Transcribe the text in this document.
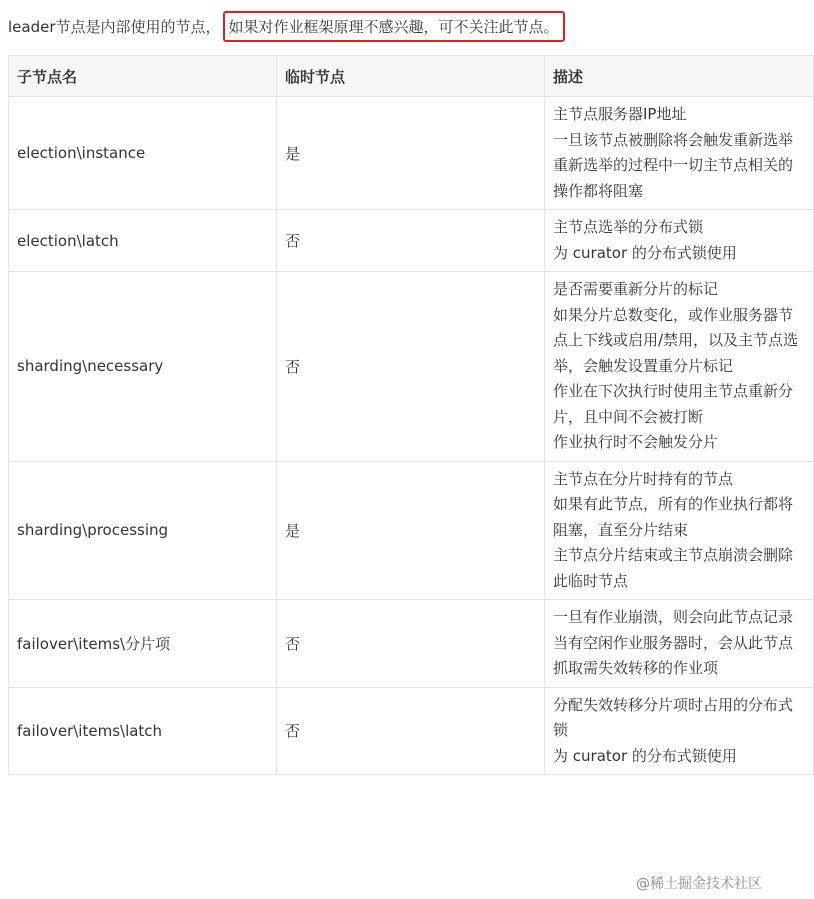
leader节点是内部使用的节点， 如果对作业框架原理不感兴趣，可不关注此节点。
子节点名	临时节点	描述
election\instance	是	主节点服务器IP地址
一旦该节点被删除将会触发重新选举
重新选举的过程中一切主节点相关的操作都将阻塞

election\latch	否	主节点选举的分布式锁
为 curator 的分布式锁使用

sharding\necessary	否	是否需要重新分片的标记
如果分片总数变化，或作业服务器节点上下线或启用/禁用，以及主节点选举，会触发设置重分片标记
作业在下次执行时使用主节点重新分片，且中间不会被打断
作业执行时不会触发分片

sharding\processing	是	主节点在分片时持有的节点
如果有此节点，所有的作业执行都将阻塞，直至分片结束
主节点分片结束或主节点崩溃会删除此临时节点

failover\items\分片项	否	一旦有作业崩溃，则会向此节点记录
当有空闲作业服务器时，会从此节点抓取需失效转移的作业项

failover\items\latch	否	分配失效转移分片项时占用的分布式锁
为 curator 的分布式锁使用
@稀土掘金技术社区
